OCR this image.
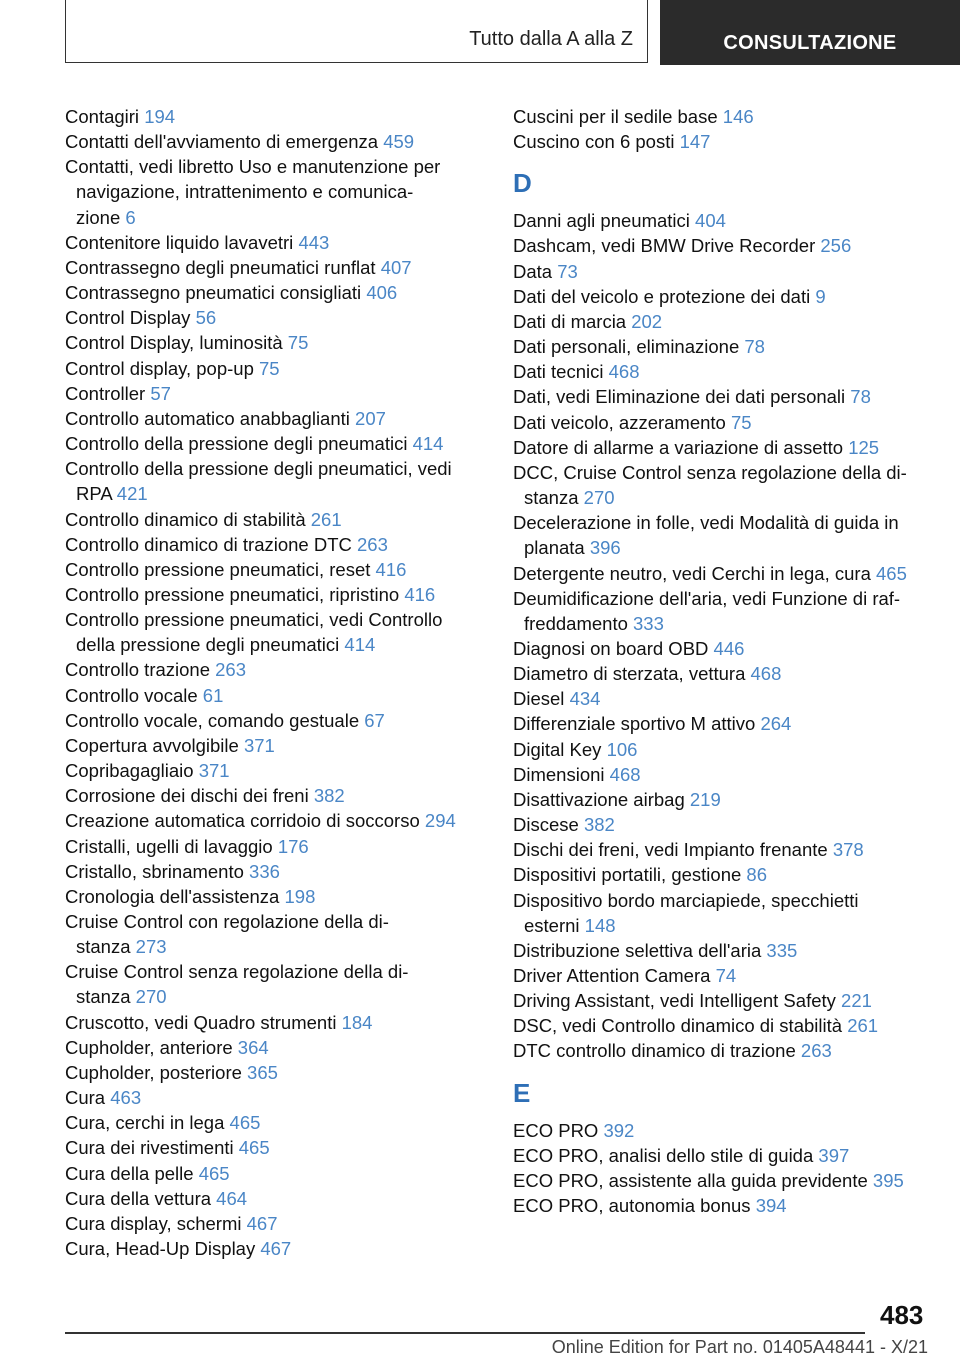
Tutto dalla A alla Z	CONSULTAZIONE
Contagiri 194
Contatti dell'avviamento di emergenza 459
Contatti, vedi libretto Uso e manutenzione per
navigazione, intrattenimento e comunica-
zione 6
Contenitore liquido lavavetri 443
Contrassegno degli pneumatici runflat 407
Contrassegno pneumatici consigliati 406
Control Display 56
Control Display, luminosità 75
Control display, pop-up 75
Controller 57
Controllo automatico anabbaglianti 207
Controllo della pressione degli pneumatici 414
Controllo della pressione degli pneumatici, vedi
RPA 421
Controllo dinamico di stabilità 261
Controllo dinamico di trazione DTC 263
Controllo pressione pneumatici, reset 416
Controllo pressione pneumatici, ripristino 416
Controllo pressione pneumatici, vedi Controllo
della pressione degli pneumatici 414
Controllo trazione 263
Controllo vocale 61
Controllo vocale, comando gestuale 67
Copertura avvolgibile 371
Copribagagliaio 371
Corrosione dei dischi dei freni 382
Creazione automatica corridoio di soccorso 294
Cristalli, ugelli di lavaggio 176
Cristallo, sbrinamento 336
Cronologia dell'assistenza 198
Cruise Control con regolazione della di-
stanza 273
Cruise Control senza regolazione della di-
stanza 270
Cruscotto, vedi Quadro strumenti 184
Cupholder, anteriore 364
Cupholder, posteriore 365
Cura 463
Cura, cerchi in lega 465
Cura dei rivestimenti 465
Cura della pelle 465
Cura della vettura 464
Cura display, schermi 467
Cura, Head-Up Display 467
Cuscini per il sedile base 146
Cuscino con 6 posti 147
D
Danni agli pneumatici 404
Dashcam, vedi BMW Drive Recorder 256
Data 73
Dati del veicolo e protezione dei dati 9
Dati di marcia 202
Dati personali, eliminazione 78
Dati tecnici 468
Dati, vedi Eliminazione dei dati personali 78
Dati veicolo, azzeramento 75
Datore di allarme a variazione di assetto 125
DCC, Cruise Control senza regolazione della di-
stanza 270
Decelerazione in folle, vedi Modalità di guida in
planata 396
Detergente neutro, vedi Cerchi in lega, cura 465
Deumidificazione dell'aria, vedi Funzione di raf-
freddamento 333
Diagnosi on board OBD 446
Diametro di sterzata, vettura 468
Diesel 434
Differenziale sportivo M attivo 264
Digital Key 106
Dimensioni 468
Disattivazione airbag 219
Discese 382
Dischi dei freni, vedi Impianto frenante 378
Dispositivi portatili, gestione 86
Dispositivo bordo marciapiede, specchietti
esterni 148
Distribuzione selettiva dell'aria 335
Driver Attention Camera 74
Driving Assistant, vedi Intelligent Safety 221
DSC, vedi Controllo dinamico di stabilità 261
DTC controllo dinamico di trazione 263
E
ECO PRO 392
ECO PRO, analisi dello stile di guida 397
ECO PRO, assistente alla guida previdente 395
ECO PRO, autonomia bonus 394
483
Online Edition for Part no. 01405A48441 - X/21
